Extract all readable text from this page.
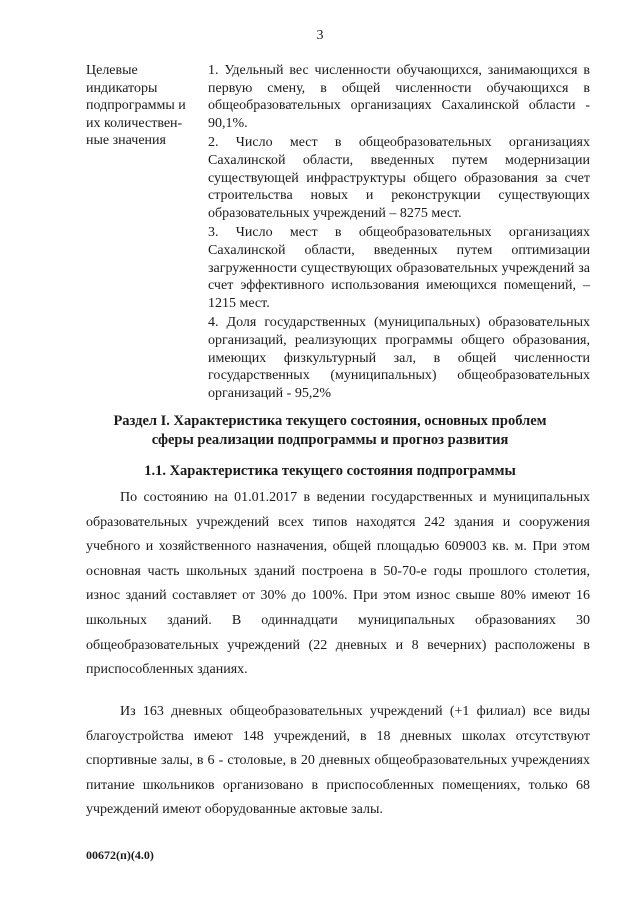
3
Целевые
индикаторы
подпрограммы и
их количествен-
ные значения

1. Удельный вес численности обучающихся, занимающихся в первую смену, в общей численности обучающихся в общеобразовательных организациях Сахалинской области - 90,1%.

2. Число мест в общеобразовательных организациях Сахалинской области, введенных путем модернизации существующей инфраструктуры общего образования за счет строительства новых и реконструкции существующих образовательных учреждений – 8275 мест.

3. Число мест в общеобразовательных организациях Сахалинской области, введенных путем оптимизации загруженности существующих образовательных учреждений за счет эффективного использования имеющихся помещений, – 1215 мест.

4. Доля государственных (муниципальных) образовательных организаций, реализующих программы общего образования, имеющих физкультурный зал, в общей численности государственных (муниципальных) общеобразовательных организаций - 95,2%

Раздел I. Характеристика текущего состояния, основных проблем
сферы реализации подпрограммы и прогноз развития
1.1. Характеристика текущего состояния подпрограммы

По состоянию на 01.01.2017 в ведении государственных и муниципальных образовательных учреждений всех типов находятся 242 здания и сооружения учебного и хозяйственного назначения, общей площадью 609003 кв. м. При этом основная часть школьных зданий построена в 50-70-е годы прошлого столетия, износ зданий составляет от 30% до 100%. При этом износ свыше 80% имеют 16 школьных зданий. В одиннадцати муниципальных образованиях 30 общеобразовательных учреждений (22 дневных и 8 вечерних) расположены в приспособленных зданиях.

Из 163 дневных общеобразовательных учреждений (+1 филиал) все виды благоустройства имеют 148 учреждений, в 18 дневных школах отсутствуют спортивные залы, в 6 - столовые, в 20 дневных общеобразовательных учреждениях питание школьников организовано в приспособленных помещениях, только 68 учреждений имеют оборудованные актовые залы.

00672(п)(4.0)
